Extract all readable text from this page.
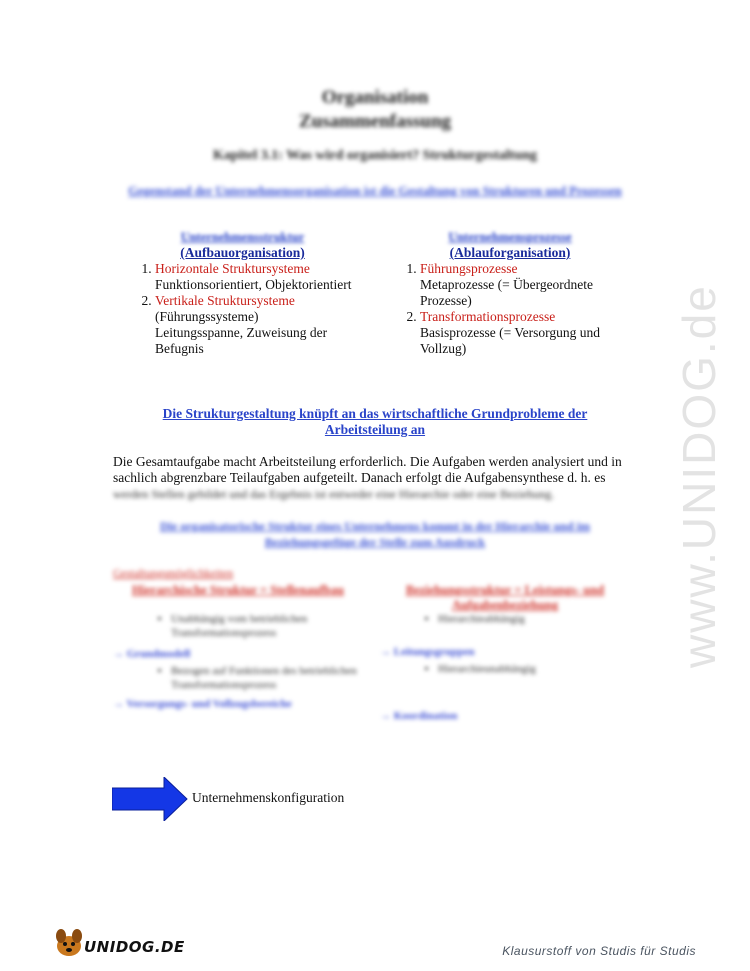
Organisation
Zusammenfassung
Kapitel 3.1: Was wird organisiert? Strukturgestaltung
Gegenstand der Unternehmensorganisation ist die Gestaltung von Strukturen und Prozessen
Unternehmensstruktur
(Aufbauorganisation)
1. Horizontale Struktursysteme
Funktionsorientiert, Objektorientiert
2. Vertikale Struktursysteme
(Führungssysteme)
Leitungsspanne, Zuweisung der Befugnis
Unternehmensprozesse
(Ablauforganisation)
1. Führungsprozesse
Metaprozesse (= Übergeordnete Prozesse)
2. Transformationsprozesse
Basisprozesse (= Versorgung und Vollzug)
Die Strukturgestaltung knüpft an das wirtschaftliche Grundprobleme der Arbeitsteilung an
Die Gesamtaufgabe macht Arbeitsteilung erforderlich. Die Aufgaben werden analysiert und in sachlich abgrenzbare Teilaufgaben aufgeteilt. Danach erfolgt die Aufgabensynthese d. h. es
werden Stellen gebildet und das Ergebnis ist entweder eine Hierarchie oder eine Beziehung.
Die organisatorische Struktur eines Unternehmens kommt in der Hierarchie und im Beziehungsgefüge der Stelle zum Ausdruck
Gestaltungsmöglichkeiten
Hierarchische Struktur = Stellenaufbau	Beziehungsstruktur = Leistungs- und Aufgabenbeziehung
• Unabhängig vom betrieblichen Transformationsprozess
→ Grundmodell
• Bezogen auf Funktionen des betrieblichen Transformationsprozess
→ Versorgungs- und Vollzugsbereiche
• Hierarchieabhängig
→ Leitungsgruppen
• Hierarchieunabhängig
→ Koordination
Unternehmenskonfiguration
www.UNIDOG.de
UNIDOG.DE	Klausurstoff von Studis für Studis
